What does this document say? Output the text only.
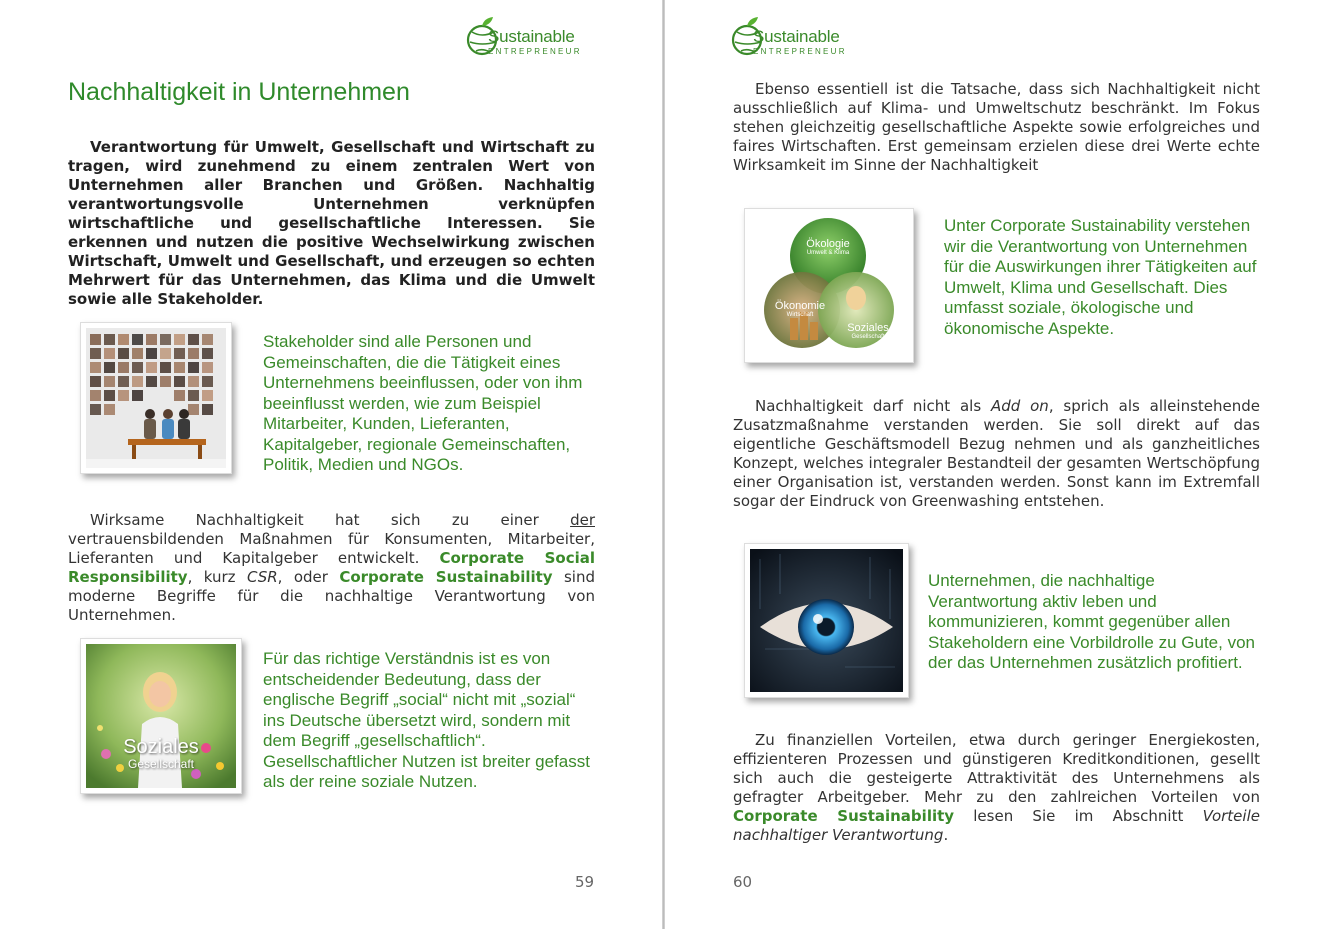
Sustainable
ENTREPRENEUR
Nachhaltigkeit in Unternehmen

Verantwortung für Umwelt, Gesellschaft und Wirtschaft zu tragen, wird zunehmend zu einem zentralen Wert von Unternehmen aller Branchen und Größen. Nachhaltig verantwortungsvolle Unternehmen verknüpfen wirtschaftliche und gesellschaftliche Interessen. Sie erkennen und nutzen die positive Wechselwirkung zwischen Wirtschaft, Umwelt und Gesellschaft, und erzeugen so echten Mehrwert für das Unternehmen, das Klima und die Umwelt sowie alle Stakeholder.

Stakeholder sind alle Personen und Gemeinschaften, die die Tätigkeit eines Unternehmens beeinflussen, oder von ihm beeinflusst werden, wie zum Beispiel Mitarbeiter, Kunden, Lieferanten, Kapitalgeber, regionale Gemeinschaften, Politik, Medien und NGOs.

Wirksame Nachhaltigkeit hat sich zu einer der vertrauensbildenden Maßnahmen für Konsumenten, Mitarbeiter, Lieferanten und Kapitalgeber entwickelt. Corporate Social Responsibility, kurz CSR, oder Corporate Sustainability sind moderne Begriffe für die nachhaltige Verantwortung von Unternehmen.

Soziales
Gesellschaft

Für das richtige Verständnis ist es von entscheidender Bedeutung, dass der englische Begriff „social“ nicht mit „sozial“ ins Deutsche übersetzt wird, sondern mit dem Begriff „gesellschaftlich“. Gesellschaftlicher Nutzen ist breiter gefasst als der reine soziale Nutzen.

59
Sustainable
ENTREPRENEUR

Ebenso essentiell ist die Tatsache, dass sich Nachhaltigkeit nicht ausschließlich auf Klima- und Umweltschutz beschränkt. Im Fokus stehen gleichzeitig gesellschaftliche Aspekte sowie erfolgreiches und faires Wirtschaften. Erst gemeinsam erzielen diese drei Werte echte Wirksamkeit im Sinne der Nachhaltigkeit

Ökologie
Umwelt & Klima
Ökonomie
Wirtschaft
Soziales
Gesellschaft

Unter Corporate Sustainability verstehen wir die Verantwortung von Unternehmen für die Auswirkungen ihrer Tätigkeiten auf Umwelt, Klima und Gesellschaft. Dies umfasst soziale, ökologische und ökonomische Aspekte.

Nachhaltigkeit darf nicht als Add on, sprich als alleinstehende Zusatzmaßnahme verstanden werden. Sie soll direkt auf das eigentliche Geschäftsmodell Bezug nehmen und als ganzheitliches Konzept, welches integraler Bestandteil der gesamten Wertschöpfung einer Organisation ist, verstanden werden. Sonst kann im Extremfall sogar der Eindruck von Greenwashing entstehen.

Unternehmen, die nachhaltige Verantwortung aktiv leben und kommunizieren, kommt gegenüber allen Stakeholdern eine Vorbildrolle zu Gute, von der das Unternehmen zusätzlich profitiert.

Zu finanziellen Vorteilen, etwa durch geringer Energiekosten, effizienteren Prozessen und günstigeren Kreditkonditionen, gesellt sich auch die gesteigerte Attraktivität des Unternehmens als gefragter Arbeitgeber. Mehr zu den zahlreichen Vorteilen von Corporate Sustainability lesen Sie im Abschnitt Vorteile nachhaltiger Verantwortung.

60
